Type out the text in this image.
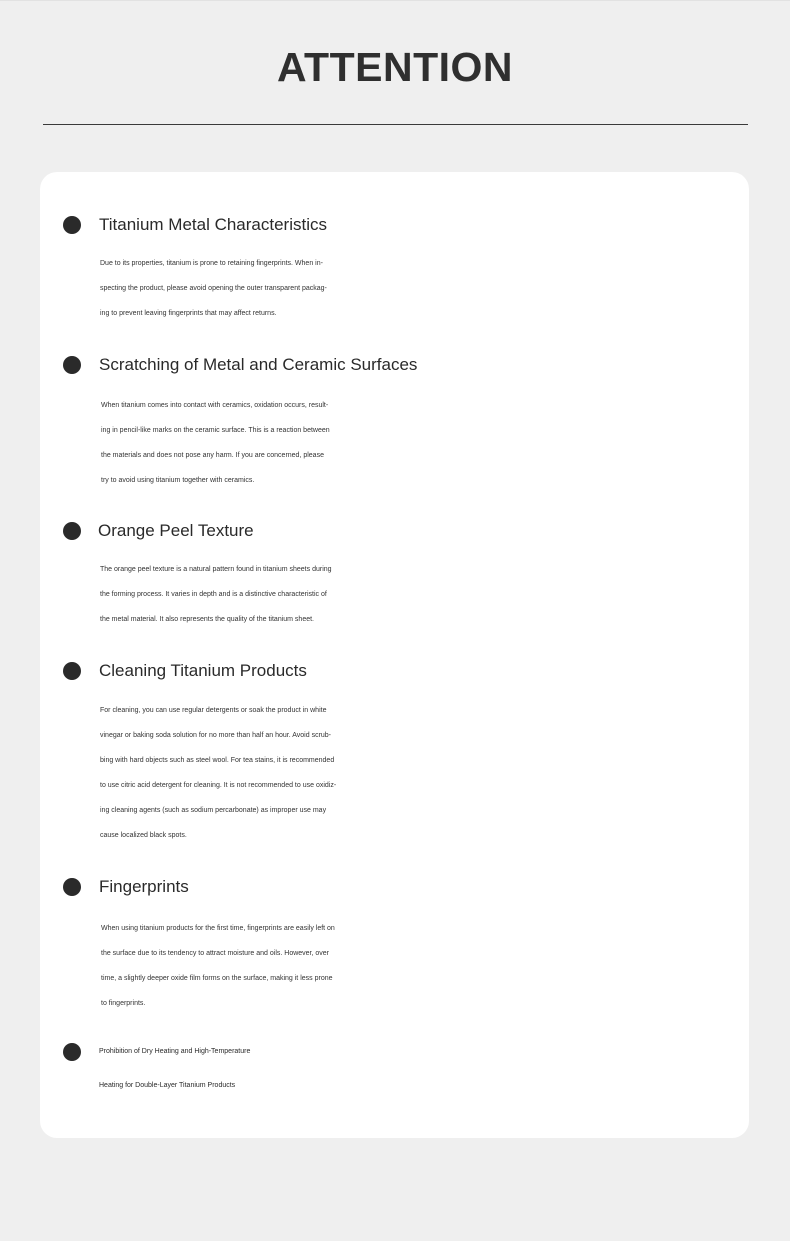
ATTENTION
Titanium Metal Characteristics
Due to its properties, titanium is prone to retaining fingerprints. When in-
specting the product, please avoid opening the outer transparent packag-
ing to prevent leaving fingerprints that may affect returns.
Scratching of Metal and Ceramic Surfaces
When titanium comes into contact with ceramics, oxidation occurs, result-
ing in pencil-like marks on the ceramic surface. This is a reaction between
the materials and does not pose any harm. If you are concerned, please
try to avoid using titanium together with ceramics.
Orange Peel Texture
The orange peel texture is a natural pattern found in titanium sheets during
the forming process. It varies in depth and is a distinctive characteristic of
the metal material. It also represents the quality of the titanium sheet.
Cleaning Titanium Products
For cleaning, you can use regular detergents or soak the product in white
vinegar or baking soda solution for no more than half an hour. Avoid scrub-
bing with hard objects such as steel wool. For tea stains, it is recommended
to use citric acid detergent for cleaning. It is not recommended to use oxidiz-
ing cleaning agents (such as sodium percarbonate) as improper use may
cause localized black spots.
Fingerprints
When using titanium products for the first time, fingerprints are easily left on
the surface due to its tendency to attract moisture and oils. However, over
time, a slightly deeper oxide film forms on the surface, making it less prone
to fingerprints.
Prohibition of Dry Heating and High-Temperature
Heating for Double-Layer Titanium Products
